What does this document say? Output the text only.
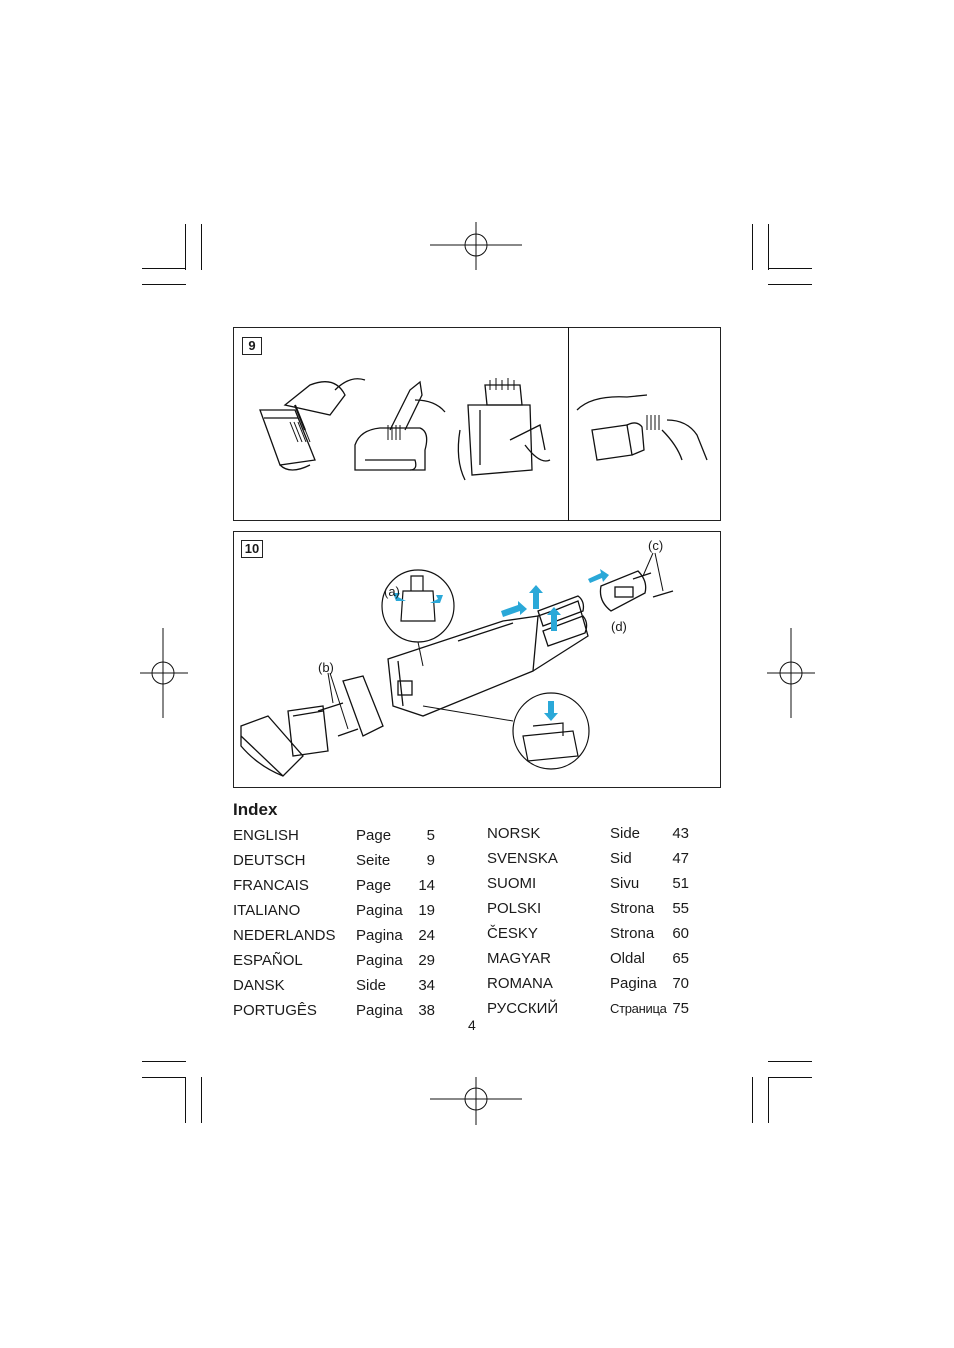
9
10
(a)
(b)
(c)
(d)
Index
ENGLISH	Page 5
DEUTSCH	Seite 9
FRANCAIS	Page 14
ITALIANO	Pagina 19
NEDERLANDS Pagina 24
ESPAÑOL	Pagina 29
DANSK	Side 34
PORTUGÊS	Pagina 38
NORSK	Side 43
SVENSKA	Sid	47
SUOMI	Sivu 51
POLSKI	Strona 55
ČESKY	Strona 60
MAGYAR	Oldal 65
ROMANA	Pagina 70
РУССКИЙ	Страница 75
4
